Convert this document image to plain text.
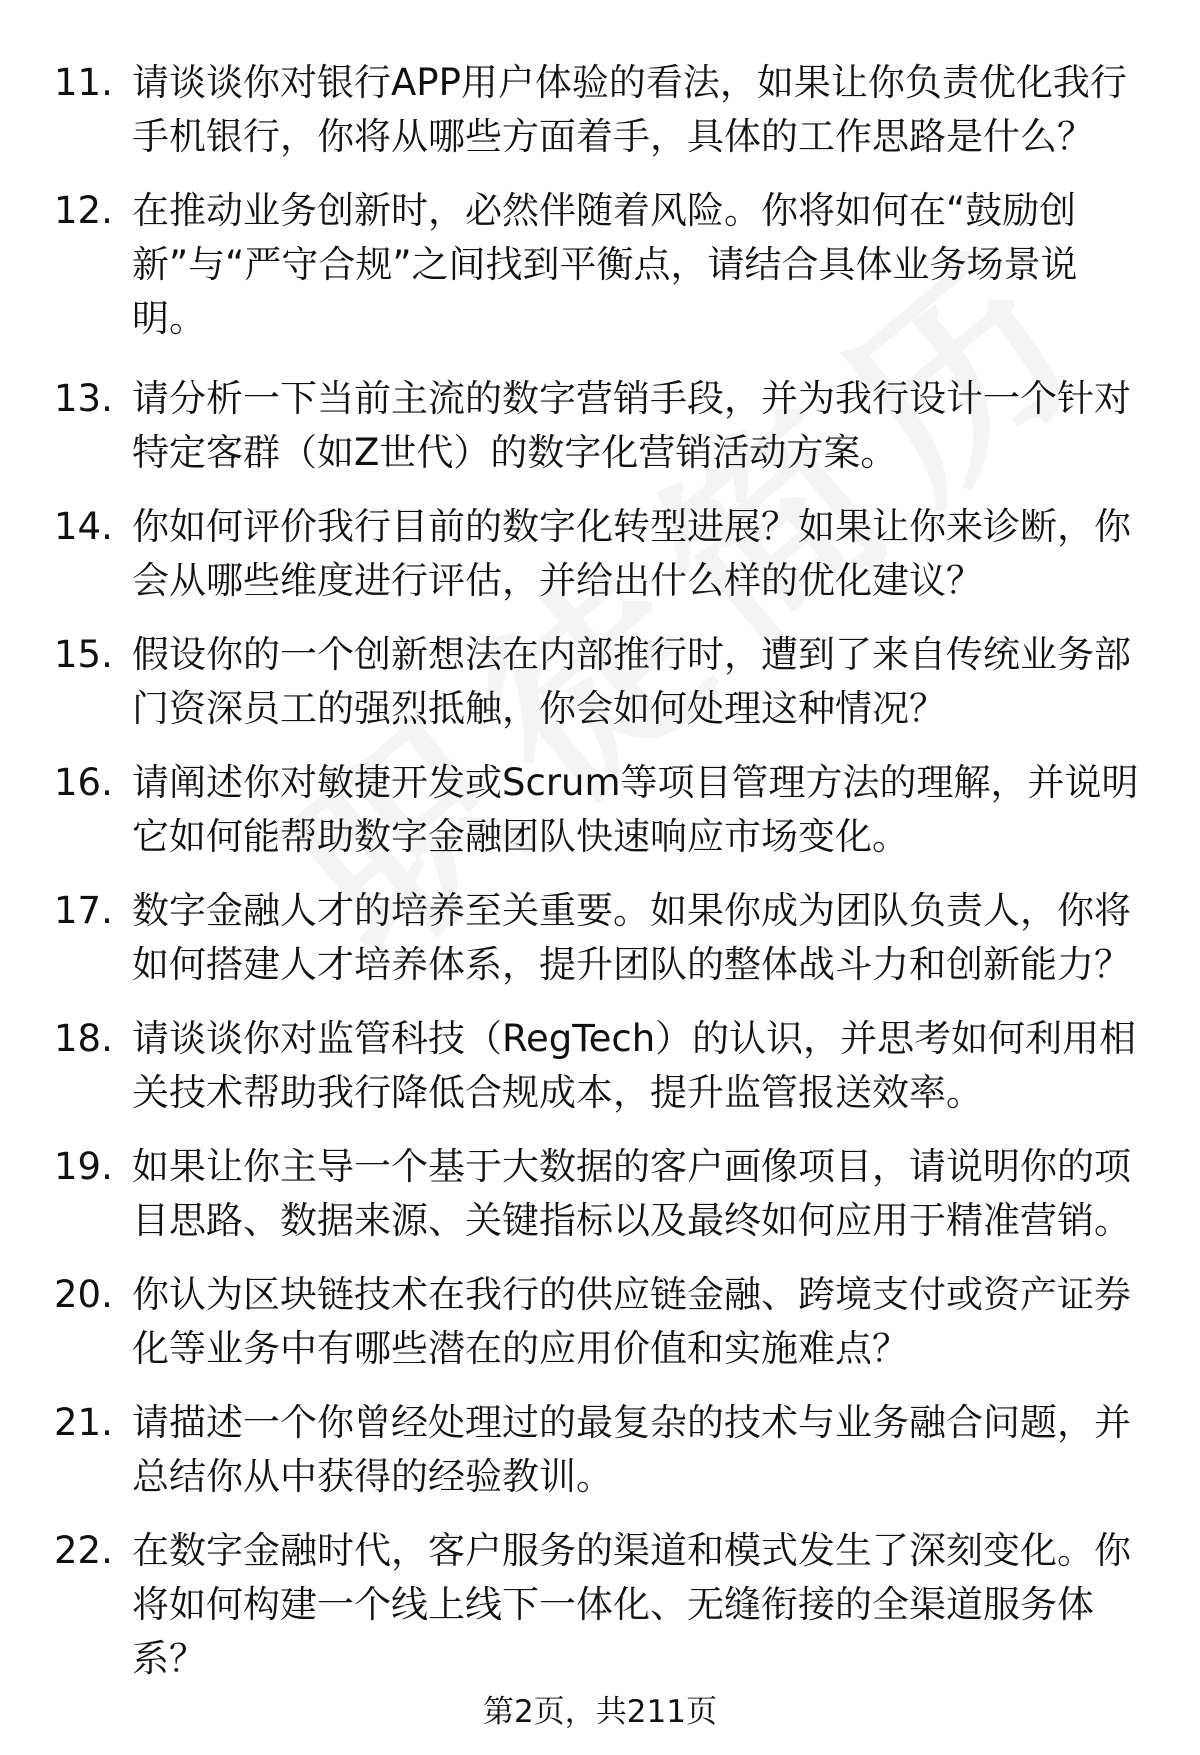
11. 请谈谈你对银行APP用户体验的看法，如果让你负责优化我行手机银行，你将从哪些方面着手，具体的工作思路是什么？
12. 在推动业务创新时，必然伴随着风险。你将如何在“鼓励创新”与“严守合规”之间找到平衡点，请结合具体业务场景说明。
13. 请分析一下当前主流的数字营销手段，并为我行设计一个针对特定客群（如Z世代）的数字化营销活动方案。
14. 你如何评价我行目前的数字化转型进展？如果让你来诊断，你会从哪些维度进行评估，并给出什么样的优化建议？
15. 假设你的一个创新想法在内部推行时，遭到了来自传统业务部门资深员工的强烈抵触，你会如何处理这种情况？
16. 请阐述你对敏捷开发或Scrum等项目管理方法的理解，并说明它如何能帮助数字金融团队快速响应市场变化。
17. 数字金融人才的培养至关重要。如果你成为团队负责人，你将如何搭建人才培养体系，提升团队的整体战斗力和创新能力？
18. 请谈谈你对监管科技（RegTech）的认识，并思考如何利用相关技术帮助我行降低合规成本，提升监管报送效率。
19. 如果让你主导一个基于大数据的客户画像项目，请说明你的项目思路、数据来源、关键指标以及最终如何应用于精准营销。
20. 你认为区块链技术在我行的供应链金融、跨境支付或资产证券化等业务中有哪些潜在的应用价值和实施难点？
21. 请描述一个你曾经处理过的最复杂的技术与业务融合问题，并总结你从中获得的经验教训。
22. 在数字金融时代，客户服务的渠道和模式发生了深刻变化。你将如何构建一个线上线下一体化、无缝衔接的全渠道服务体系？
第2页，共211页
